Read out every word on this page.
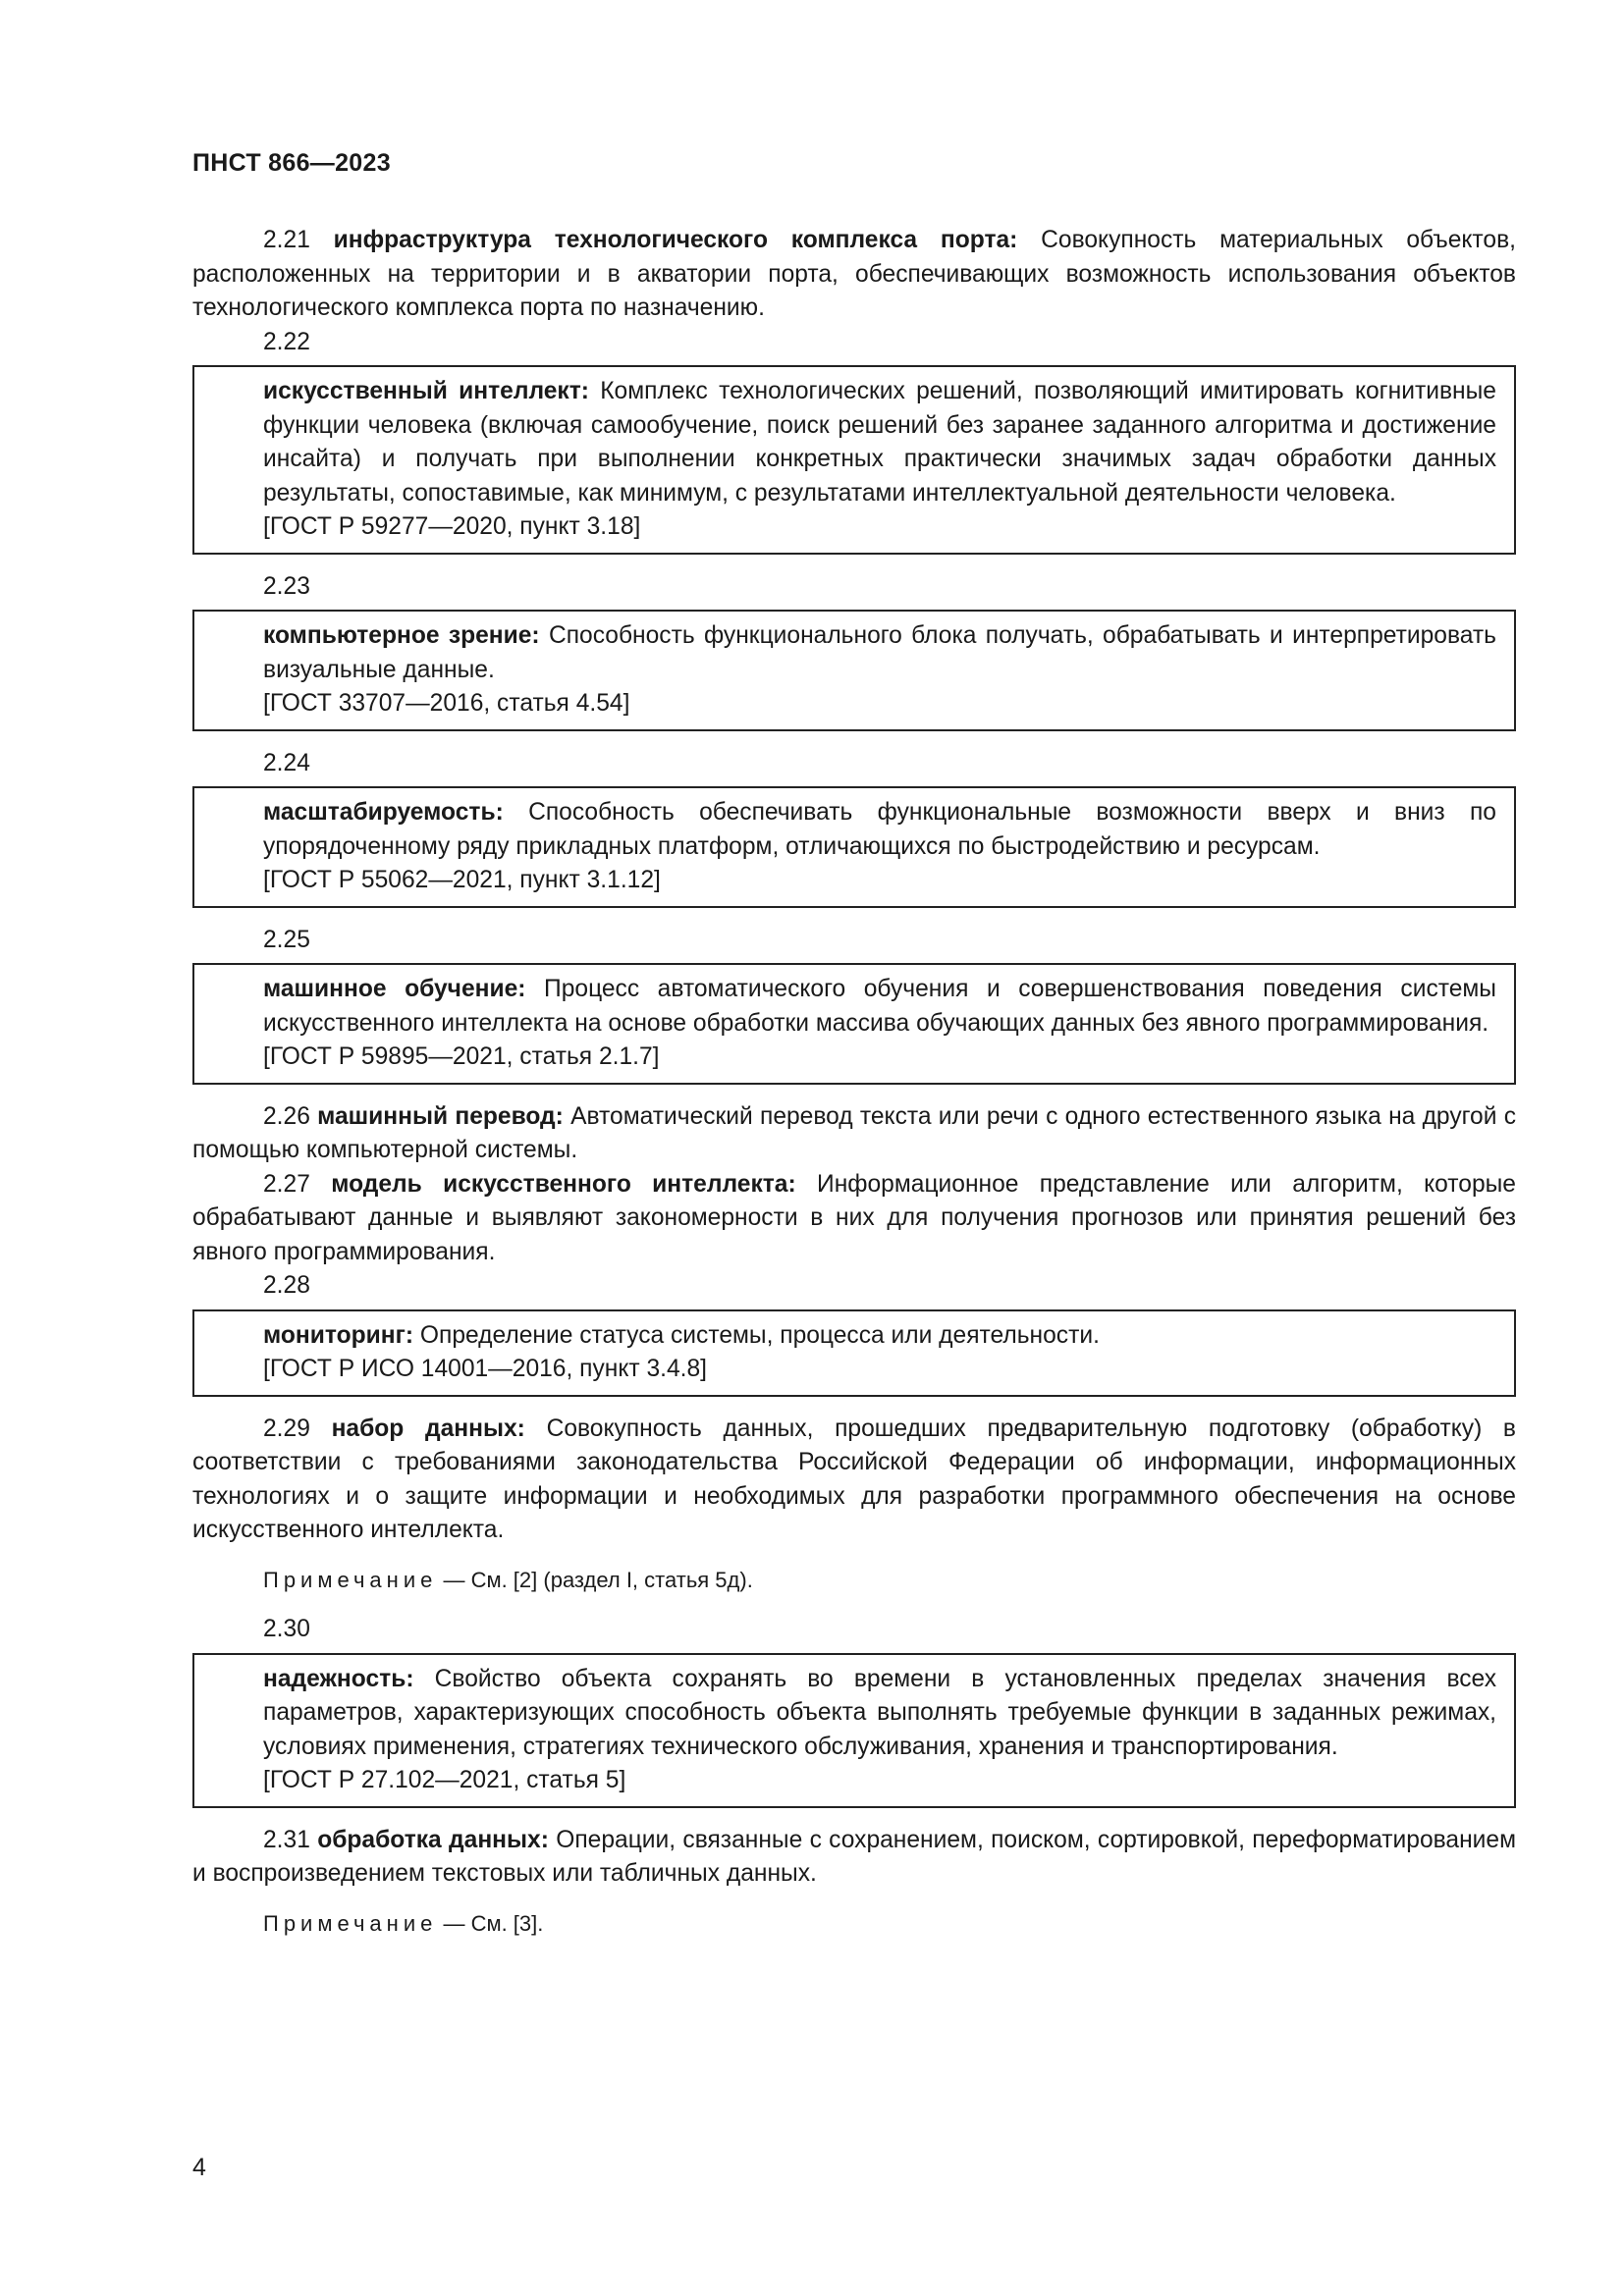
ПНСТ 866—2023

2.21 инфраструктура технологического комплекса порта: Совокупность материальных объектов, расположенных на территории и в акватории порта, обеспечивающих возможность использования объектов технологического комплекса порта по назначению.

2.22

искусственный интеллект: Комплекс технологических решений, позволяющий имитировать когнитивные функции человека (включая самообучение, поиск решений без заранее заданного алгоритма и достижение инсайта) и получать при выполнении конкретных практически значимых задач обработки данных результаты, сопоставимые, как минимум, с результатами интеллектуальной деятельности человека.

[ГОСТ Р 59277—2020, пункт 3.18]

2.23

компьютерное зрение: Способность функционального блока получать, обрабатывать и интерпретировать визуальные данные.

[ГОСТ 33707—2016, статья 4.54]

2.24

масштабируемость: Способность обеспечивать функциональные возможности вверх и вниз по упорядоченному ряду прикладных платформ, отличающихся по быстродействию и ресурсам.

[ГОСТ Р 55062—2021, пункт 3.1.12]

2.25

машинное обучение: Процесс автоматического обучения и совершенствования поведения системы искусственного интеллекта на основе обработки массива обучающих данных без явного программирования.

[ГОСТ Р 59895—2021, статья 2.1.7]

2.26 машинный перевод: Автоматический перевод текста или речи с одного естественного языка на другой с помощью компьютерной системы.

2.27 модель искусственного интеллекта: Информационное представление или алгоритм, которые обрабатывают данные и выявляют закономерности в них для получения прогнозов или принятия решений без явного программирования.

2.28

мониторинг: Определение статуса системы, процесса или деятельности.

[ГОСТ Р ИСО 14001—2016, пункт 3.4.8]

2.29 набор данных: Совокупность данных, прошедших предварительную подготовку (обработку) в соответствии с требованиями законодательства Российской Федерации об информации, информационных технологиях и о защите информации и необходимых для разработки программного обеспечения на основе искусственного интеллекта.

Примечание — См. [2] (раздел I, статья 5д).

2.30

надежность: Свойство объекта сохранять во времени в установленных пределах значения всех параметров, характеризующих способность объекта выполнять требуемые функции в заданных режимах, условиях применения, стратегиях технического обслуживания, хранения и транспортирования.

[ГОСТ Р 27.102—2021, статья 5]

2.31 обработка данных: Операции, связанные с сохранением, поиском, сортировкой, переформатированием и воспроизведением текстовых или табличных данных.

Примечание — См. [3].

4
